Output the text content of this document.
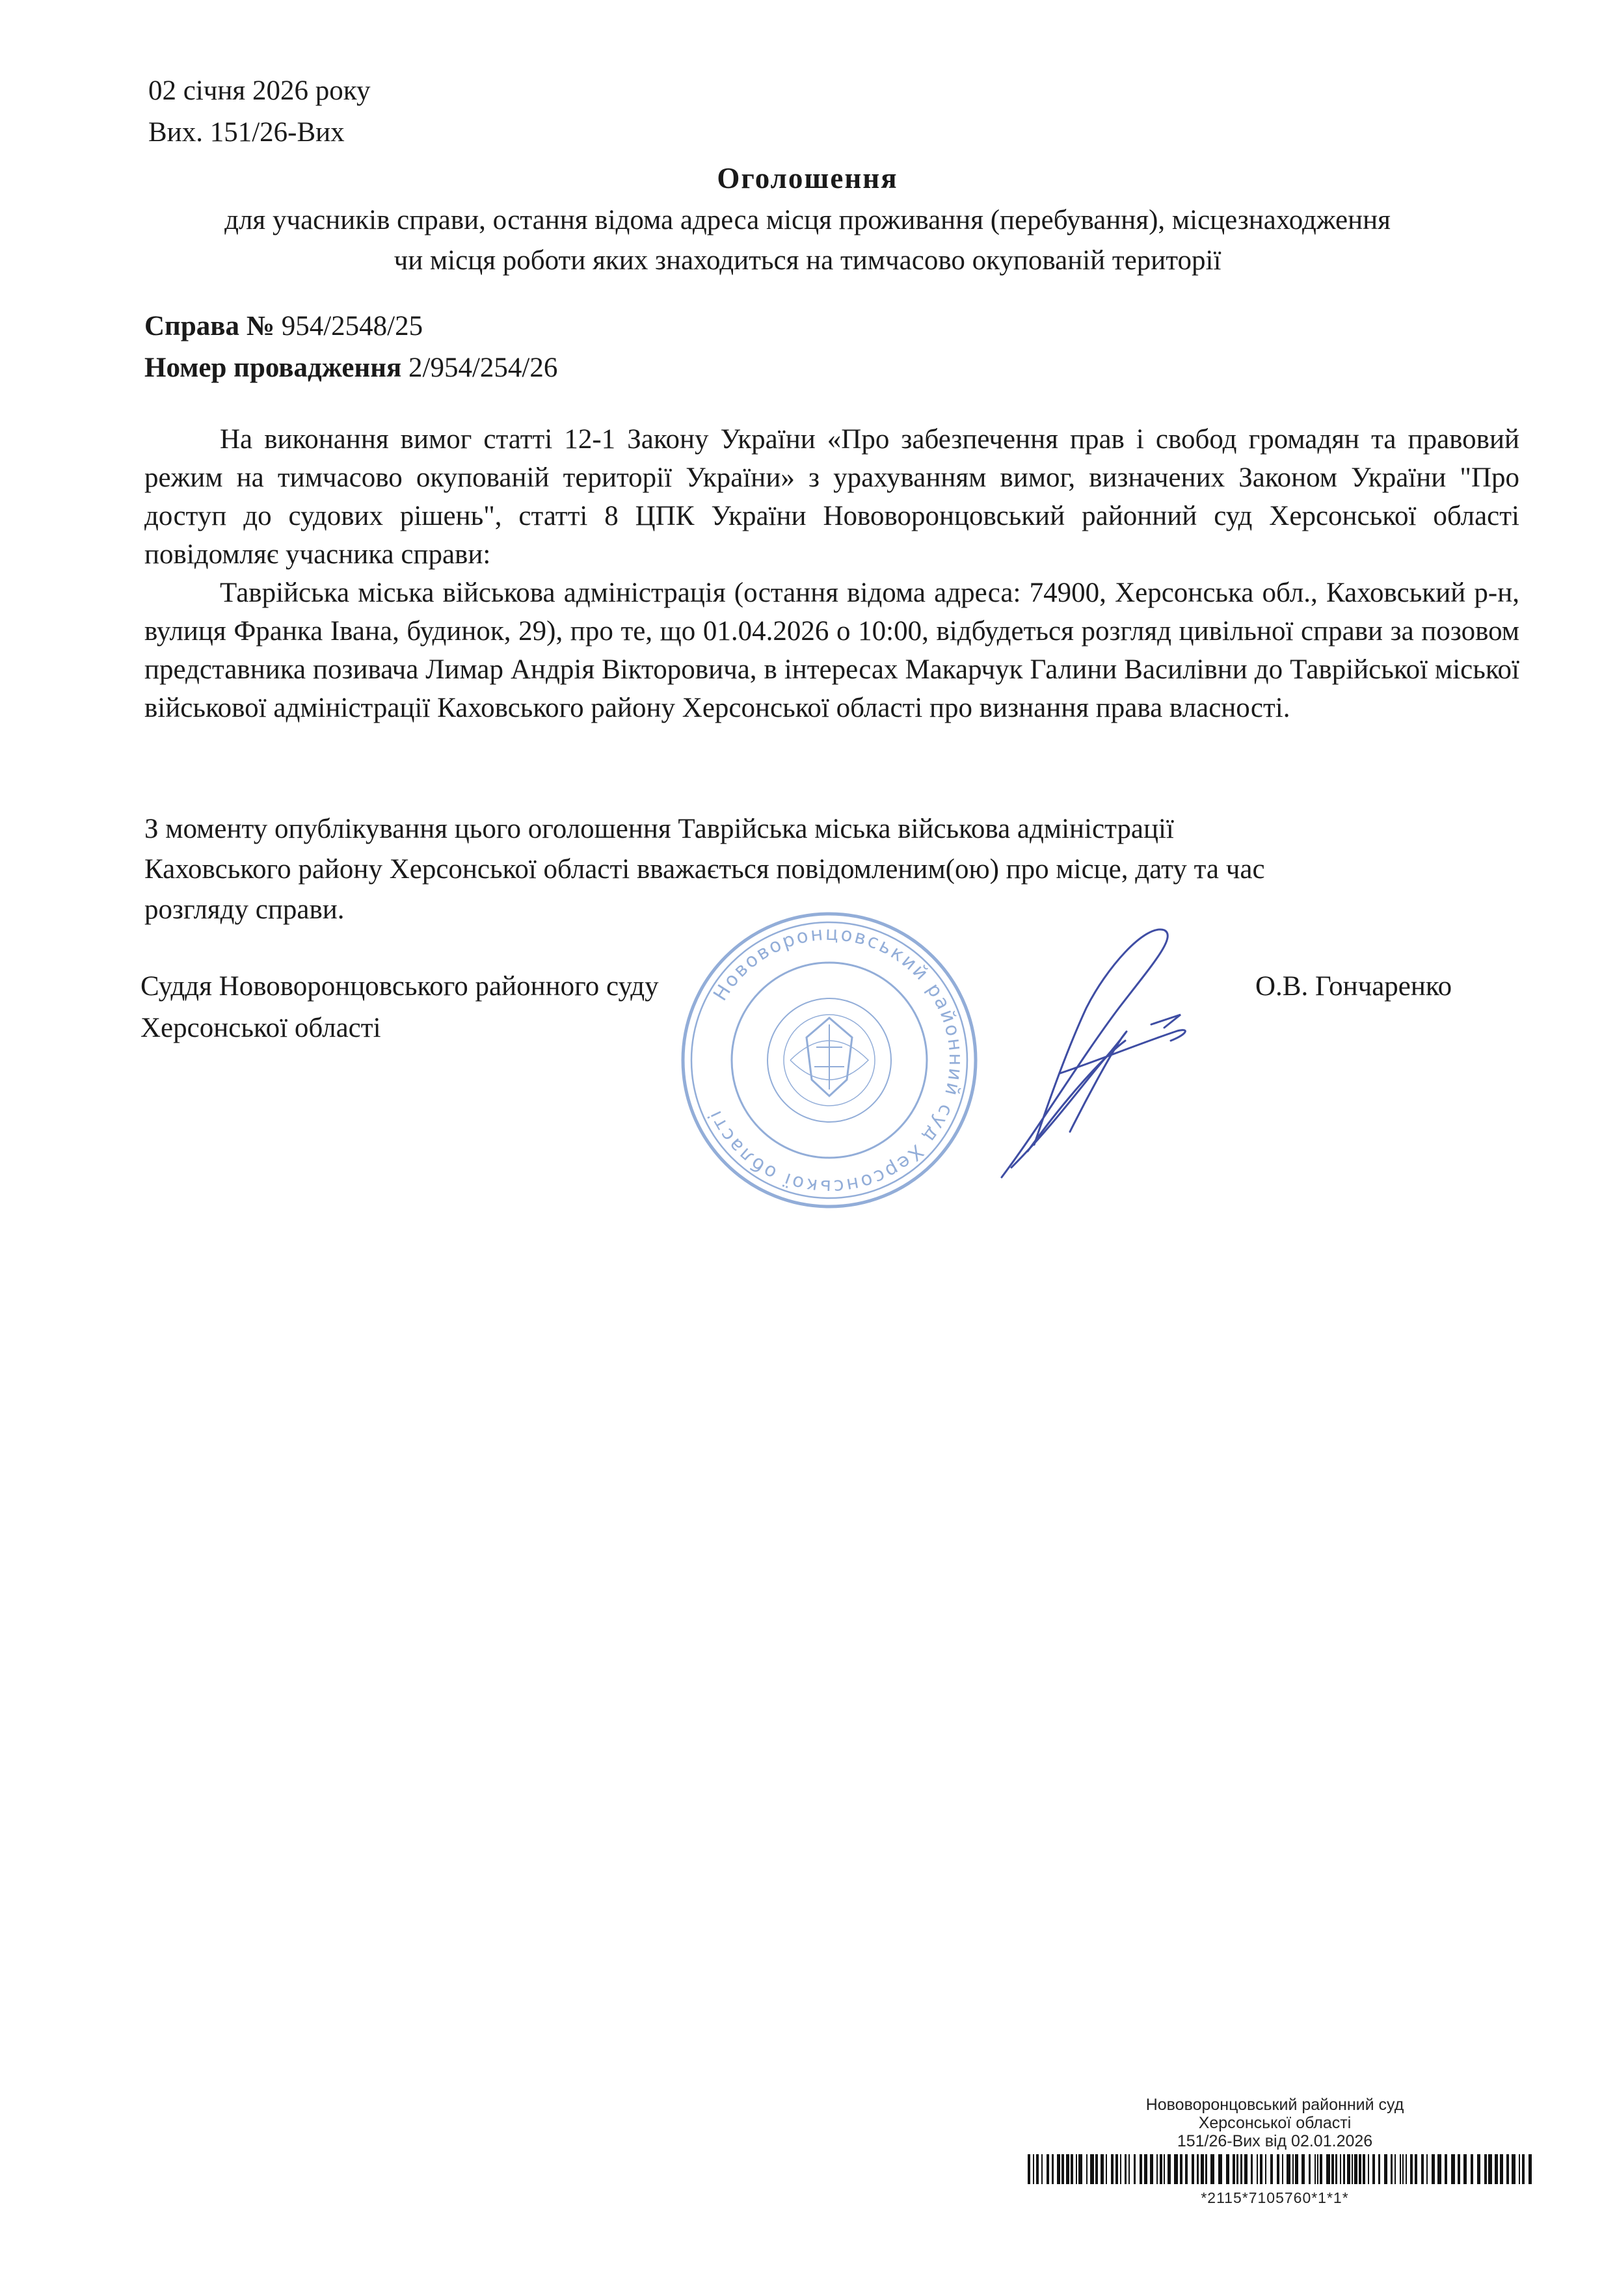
02 січня 2026 року
Вих. 151/26-Вих
Оголошення
для учасників справи, остання відома адреса місця проживання (перебування), місцезнаходження
чи місця роботи яких знаходиться на тимчасово окупованій території
Справа № 954/2548/25
Номер провадження 2/954/254/26

На виконання вимог статті 12-1 Закону України «Про забезпечення прав і свобод громадян та правовий режим на тимчасово окупованій території України» з урахуванням вимог, визначених Законом України "Про доступ до судових рішень", статті 8 ЦПК України Нововоронцовський районний суд Херсонської області повідомляє учасника справи:

Таврійська міська військова адміністрація (остання відома адреса: 74900, Херсонська обл., Каховський р-н, вулиця Франка Івана, будинок, 29), про те, що 01.04.2026 о 10:00, відбудеться розгляд цивільної справи за позовом представника позивача Лимар Андрія Вікторовича, в інтересах Макарчук Галини Василівни до Таврійської міської військової адміністрації Каховського району Херсонської області про визнання права власності.

З моменту опублікування цього оголошення Таврійська міська військова адміністрації
Каховського району Херсонської області вважається повідомленим(ою) про місце, дату та час
розгляду справи.
Суддя Нововоронцовського районного суду
Херсонської області
О.В. Гончаренко
Нововоронцовський районний суд Херсонської області
Нововоронцовський районний суд
Херсонської області
151/26-Вих від 02.01.2026
*2115*7105760*1*1*
